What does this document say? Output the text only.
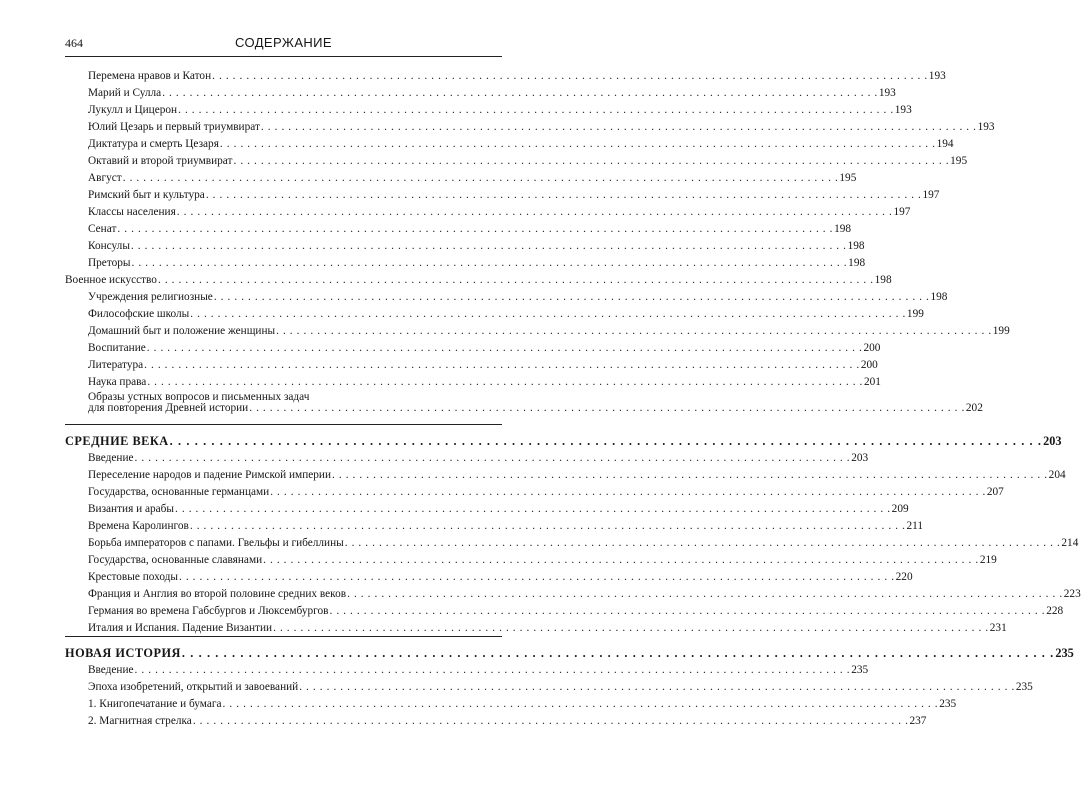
464	СОДЕРЖАНИЕ
Перемена нравов и Катон . . . . . . . . . . . . . . . . . . . . . . . . . . . . . . . . . . . . . . . . . . . . . . . . . . . . . . . . . . . . . . . . . . . . . . . . . . . . . . . . . . . . . . . . . . . . . . . . . . . . . . . . . 193
Марий и Сулла . . . . . . . . . . . . . . . . . . . . . . . . . . . . . . . . . . . . . . . . . . . . . . . . . . . . . . . . . . . . . . . . . . . . . . . . . . . . . . . . . . . . . . . . . . . . . . . . . . . . . . . . . 193
Лукулл и Цицерон . . . . . . . . . . . . . . . . . . . . . . . . . . . . . . . . . . . . . . . . . . . . . . . . . . . . . . . . . . . . . . . . . . . . . . . . . . . . . . . . . . . . . . . . . . . . . . . . . . . . . . . . . 193
Юлий Цезарь и первый триумвират . . . . . . . . . . . . . . . . . . . . . . . . . . . . . . . . . . . . . . . . . . . . . . . . . . . . . . . . . . . . . . . . . . . . . . . . . . . . . . . . . . . . . . . . . . . . . . . . . . . . . . . . . 193
Диктатура и смерть Цезаря . . . . . . . . . . . . . . . . . . . . . . . . . . . . . . . . . . . . . . . . . . . . . . . . . . . . . . . . . . . . . . . . . . . . . . . . . . . . . . . . . . . . . . . . . . . . . . . . . . . . . . . . . 194
Октавий и второй триумвират . . . . . . . . . . . . . . . . . . . . . . . . . . . . . . . . . . . . . . . . . . . . . . . . . . . . . . . . . . . . . . . . . . . . . . . . . . . . . . . . . . . . . . . . . . . . . . . . . . . . . . . . . 195
Август . . . . . . . . . . . . . . . . . . . . . . . . . . . . . . . . . . . . . . . . . . . . . . . . . . . . . . . . . . . . . . . . . . . . . . . . . . . . . . . . . . . . . . . . . . . . . . . . . . . . . . . . . 195
Римский быт и культура . . . . . . . . . . . . . . . . . . . . . . . . . . . . . . . . . . . . . . . . . . . . . . . . . . . . . . . . . . . . . . . . . . . . . . . . . . . . . . . . . . . . . . . . . . . . . . . . . . . . . . . . . 197
Классы населения . . . . . . . . . . . . . . . . . . . . . . . . . . . . . . . . . . . . . . . . . . . . . . . . . . . . . . . . . . . . . . . . . . . . . . . . . . . . . . . . . . . . . . . . . . . . . . . . . . . . . . . . . 197
Сенат . . . . . . . . . . . . . . . . . . . . . . . . . . . . . . . . . . . . . . . . . . . . . . . . . . . . . . . . . . . . . . . . . . . . . . . . . . . . . . . . . . . . . . . . . . . . . . . . . . . . . . . . . 198
Консулы . . . . . . . . . . . . . . . . . . . . . . . . . . . . . . . . . . . . . . . . . . . . . . . . . . . . . . . . . . . . . . . . . . . . . . . . . . . . . . . . . . . . . . . . . . . . . . . . . . . . . . . . . 198
Преторы . . . . . . . . . . . . . . . . . . . . . . . . . . . . . . . . . . . . . . . . . . . . . . . . . . . . . . . . . . . . . . . . . . . . . . . . . . . . . . . . . . . . . . . . . . . . . . . . . . . . . . . . . 198
Военное искусство . . . . . . . . . . . . . . . . . . . . . . . . . . . . . . . . . . . . . . . . . . . . . . . . . . . . . . . . . . . . . . . . . . . . . . . . . . . . . . . . . . . . . . . . . . . . . . . . . . . . . . . . . 198
Учреждения религиозные . . . . . . . . . . . . . . . . . . . . . . . . . . . . . . . . . . . . . . . . . . . . . . . . . . . . . . . . . . . . . . . . . . . . . . . . . . . . . . . . . . . . . . . . . . . . . . . . . . . . . . . . . 198
Философские школы . . . . . . . . . . . . . . . . . . . . . . . . . . . . . . . . . . . . . . . . . . . . . . . . . . . . . . . . . . . . . . . . . . . . . . . . . . . . . . . . . . . . . . . . . . . . . . . . . . . . . . . . . 199
Домашний быт и положение женщины . . . . . . . . . . . . . . . . . . . . . . . . . . . . . . . . . . . . . . . . . . . . . . . . . . . . . . . . . . . . . . . . . . . . . . . . . . . . . . . . . . . . . . . . . . . . . . . . . . . . . . . . . 199
Воспитание . . . . . . . . . . . . . . . . . . . . . . . . . . . . . . . . . . . . . . . . . . . . . . . . . . . . . . . . . . . . . . . . . . . . . . . . . . . . . . . . . . . . . . . . . . . . . . . . . . . . . . . . . 200
Литература . . . . . . . . . . . . . . . . . . . . . . . . . . . . . . . . . . . . . . . . . . . . . . . . . . . . . . . . . . . . . . . . . . . . . . . . . . . . . . . . . . . . . . . . . . . . . . . . . . . . . . . . . 200
Наука права . . . . . . . . . . . . . . . . . . . . . . . . . . . . . . . . . . . . . . . . . . . . . . . . . . . . . . . . . . . . . . . . . . . . . . . . . . . . . . . . . . . . . . . . . . . . . . . . . . . . . . . . . 201
Образы устных вопросов и письменных задач
для повторения Древней истории . . . . . . . . . . . . . . . . . . . . . . . . . . . . . . . . . . . . . . . . . . . . . . . . . . . . . . . . . . . . . . . . . . . . . . . . . . . . . . . . . . . . . . . . . . . . . . . . . . . . . . . . . 202
СРЕДНИЕ ВЕКА . . . . . . . . . . . . . . . . . . . . . . . . . . . . . . . . . . . . . . . . . . . . . . . . . . . . . . . . . . . . . . . . . . . . . . . . . . . . . . . . . . . . . . . . . . . . . . . . . . . . . . . . . 203
Введение . . . . . . . . . . . . . . . . . . . . . . . . . . . . . . . . . . . . . . . . . . . . . . . . . . . . . . . . . . . . . . . . . . . . . . . . . . . . . . . . . . . . . . . . . . . . . . . . . . . . . . . . . 203
Переселение народов и падение Римской империи . . . . . . . . . . . . . . . . . . . . . . . . . . . . . . . . . . . . . . . . . . . . . . . . . . . . . . . . . . . . . . . . . . . . . . . . . . . . . . . . . . . . . . . . . . . . . . . . . . . . . . . . . 204
Государства, основанные германцами . . . . . . . . . . . . . . . . . . . . . . . . . . . . . . . . . . . . . . . . . . . . . . . . . . . . . . . . . . . . . . . . . . . . . . . . . . . . . . . . . . . . . . . . . . . . . . . . . . . . . . . . . 207
Византия и арабы . . . . . . . . . . . . . . . . . . . . . . . . . . . . . . . . . . . . . . . . . . . . . . . . . . . . . . . . . . . . . . . . . . . . . . . . . . . . . . . . . . . . . . . . . . . . . . . . . . . . . . . . . 209
Времена Каролингов . . . . . . . . . . . . . . . . . . . . . . . . . . . . . . . . . . . . . . . . . . . . . . . . . . . . . . . . . . . . . . . . . . . . . . . . . . . . . . . . . . . . . . . . . . . . . . . . . . . . . . . . . 211
Борьба императоров с папами. Гвельфы и гибеллины . . . . . . . . . . . . . . . . . . . . . . . . . . . . . . . . . . . . . . . . . . . . . . . . . . . . . . . . . . . . . . . . . . . . . . . . . . . . . . . . . . . . . . . . . . . . . . . . . . . . . . . . . 214
Государства, основанные славянами . . . . . . . . . . . . . . . . . . . . . . . . . . . . . . . . . . . . . . . . . . . . . . . . . . . . . . . . . . . . . . . . . . . . . . . . . . . . . . . . . . . . . . . . . . . . . . . . . . . . . . . . . 219
Крестовые походы . . . . . . . . . . . . . . . . . . . . . . . . . . . . . . . . . . . . . . . . . . . . . . . . . . . . . . . . . . . . . . . . . . . . . . . . . . . . . . . . . . . . . . . . . . . . . . . . . . . . . . . . . 220
Франция и Англия во второй половине средних веков . . . . . . . . . . . . . . . . . . . . . . . . . . . . . . . . . . . . . . . . . . . . . . . . . . . . . . . . . . . . . . . . . . . . . . . . . . . . . . . . . . . . . . . . . . . . . . . . . . . . . . . . . 223
Германия во времена Габсбургов и Люксембургов . . . . . . . . . . . . . . . . . . . . . . . . . . . . . . . . . . . . . . . . . . . . . . . . . . . . . . . . . . . . . . . . . . . . . . . . . . . . . . . . . . . . . . . . . . . . . . . . . . . . . . . . . 228
Италия и Испания. Падение Византии . . . . . . . . . . . . . . . . . . . . . . . . . . . . . . . . . . . . . . . . . . . . . . . . . . . . . . . . . . . . . . . . . . . . . . . . . . . . . . . . . . . . . . . . . . . . . . . . . . . . . . . . . 231
НОВАЯ ИСТОРИЯ . . . . . . . . . . . . . . . . . . . . . . . . . . . . . . . . . . . . . . . . . . . . . . . . . . . . . . . . . . . . . . . . . . . . . . . . . . . . . . . . . . . . . . . . . . . . . . . . . . . . . . . . . 235
Введение . . . . . . . . . . . . . . . . . . . . . . . . . . . . . . . . . . . . . . . . . . . . . . . . . . . . . . . . . . . . . . . . . . . . . . . . . . . . . . . . . . . . . . . . . . . . . . . . . . . . . . . . . 235
Эпоха изобретений, открытий и завоеваний . . . . . . . . . . . . . . . . . . . . . . . . . . . . . . . . . . . . . . . . . . . . . . . . . . . . . . . . . . . . . . . . . . . . . . . . . . . . . . . . . . . . . . . . . . . . . . . . . . . . . . . . . 235
1. Книгопечатание и бумага . . . . . . . . . . . . . . . . . . . . . . . . . . . . . . . . . . . . . . . . . . . . . . . . . . . . . . . . . . . . . . . . . . . . . . . . . . . . . . . . . . . . . . . . . . . . . . . . . . . . . . . . . 235
2. Магнитная стрелка . . . . . . . . . . . . . . . . . . . . . . . . . . . . . . . . . . . . . . . . . . . . . . . . . . . . . . . . . . . . . . . . . . . . . . . . . . . . . . . . . . . . . . . . . . . . . . . . . . . . . . . . . 237
